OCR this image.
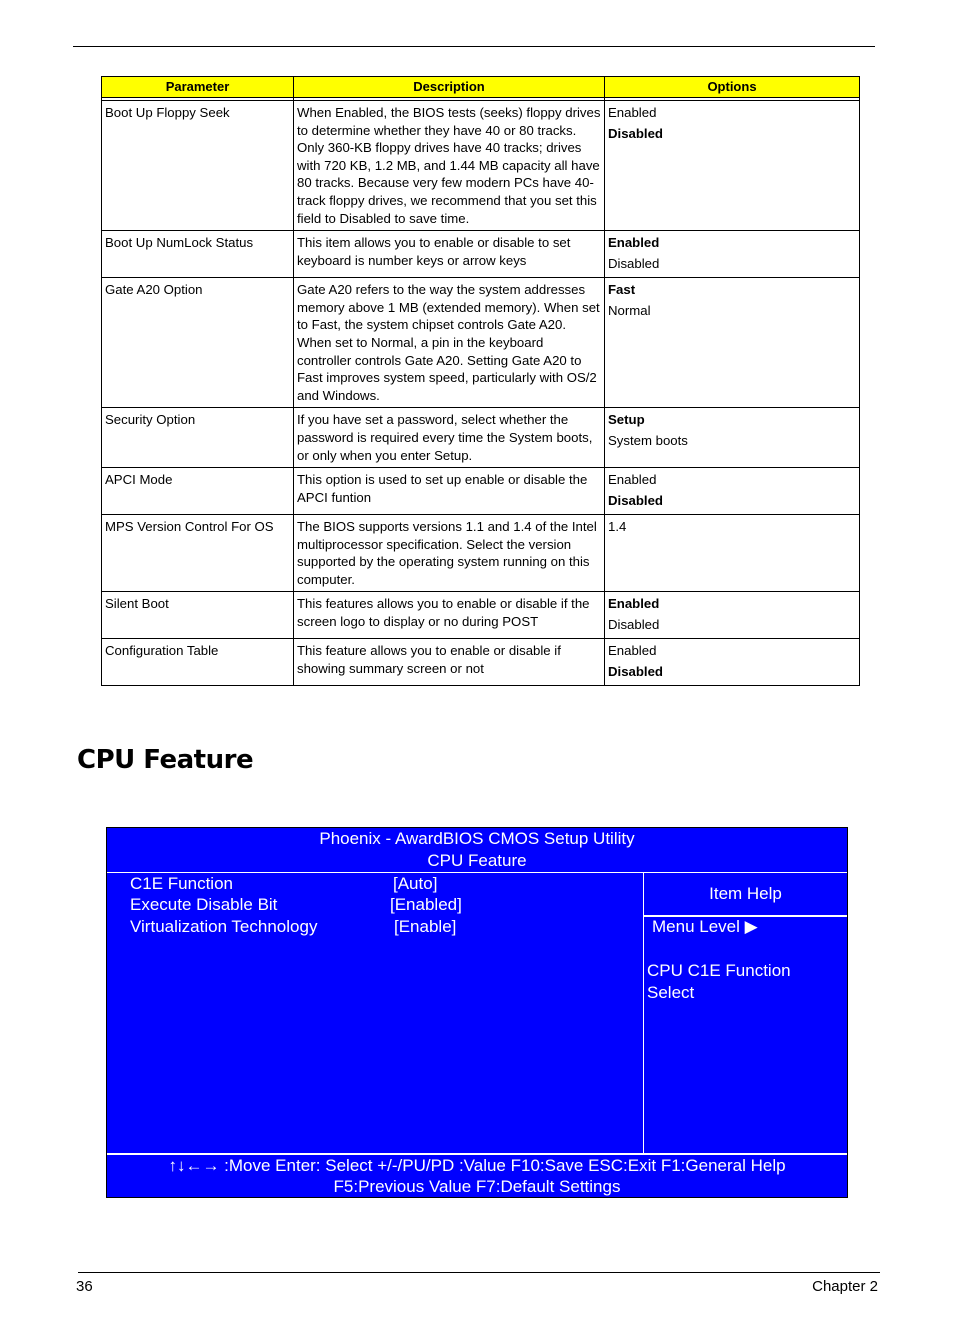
Parameter	Description	Options

Boot Up Floppy Seek	When Enabled, the BIOS tests (seeks) floppy drives to determine whether they have 40 or 80 tracks. Only 360-KB floppy drives have 40 tracks; drives with 720 KB, 1.2 MB, and 1.44 MB capacity all have 80 tracks. Because very few modern PCs have 40-track floppy drives, we recommend that you set this field to Disabled to save time.	Enabled
Disabled

Boot Up NumLock Status	This item allows you to enable or disable to set keyboard is number keys or arrow keys	Enabled
Disabled

Gate A20 Option	Gate A20 refers to the way the system addresses memory above 1 MB (extended memory). When set to Fast, the system chipset controls Gate A20. When set to Normal, a pin in the keyboard controller controls Gate A20. Setting Gate A20 to Fast improves system speed, particularly with OS/2 and Windows.	Fast
Normal

Security Option	If you have set a password, select whether the password is required every time the System boots, or only when you enter Setup.	Setup
System boots

APCI Mode	This option is used to set up enable or disable the APCI funtion	Enabled
Disabled

MPS Version Control For OS	The BIOS supports versions 1.1 and 1.4 of the Intel multiprocessor specification. Select the version supported by the operating system running on this computer.	1.4

Silent Boot	This features allows you to enable or disable if the screen logo to display or no during POST	Enabled
Disabled

Configuration Table	This feature allows you to enable or disable if showing summary screen or not	Enabled
Disabled
CPU Feature
Phoenix - AwardBIOS CMOS Setup Utility
CPU Feature
C1E Function	[Auto]
Execute Disable Bit	[Enabled]
Virtualization Technology	[Enable]
Item Help
Menu Level ▶
CPU C1E Function
Select
↑↓←→ :Move Enter: Select +/-/PU/PD :Value F10:Save ESC:Exit F1:General Help
F5:Previous Value F7:Default Settings
36	Chapter 2
